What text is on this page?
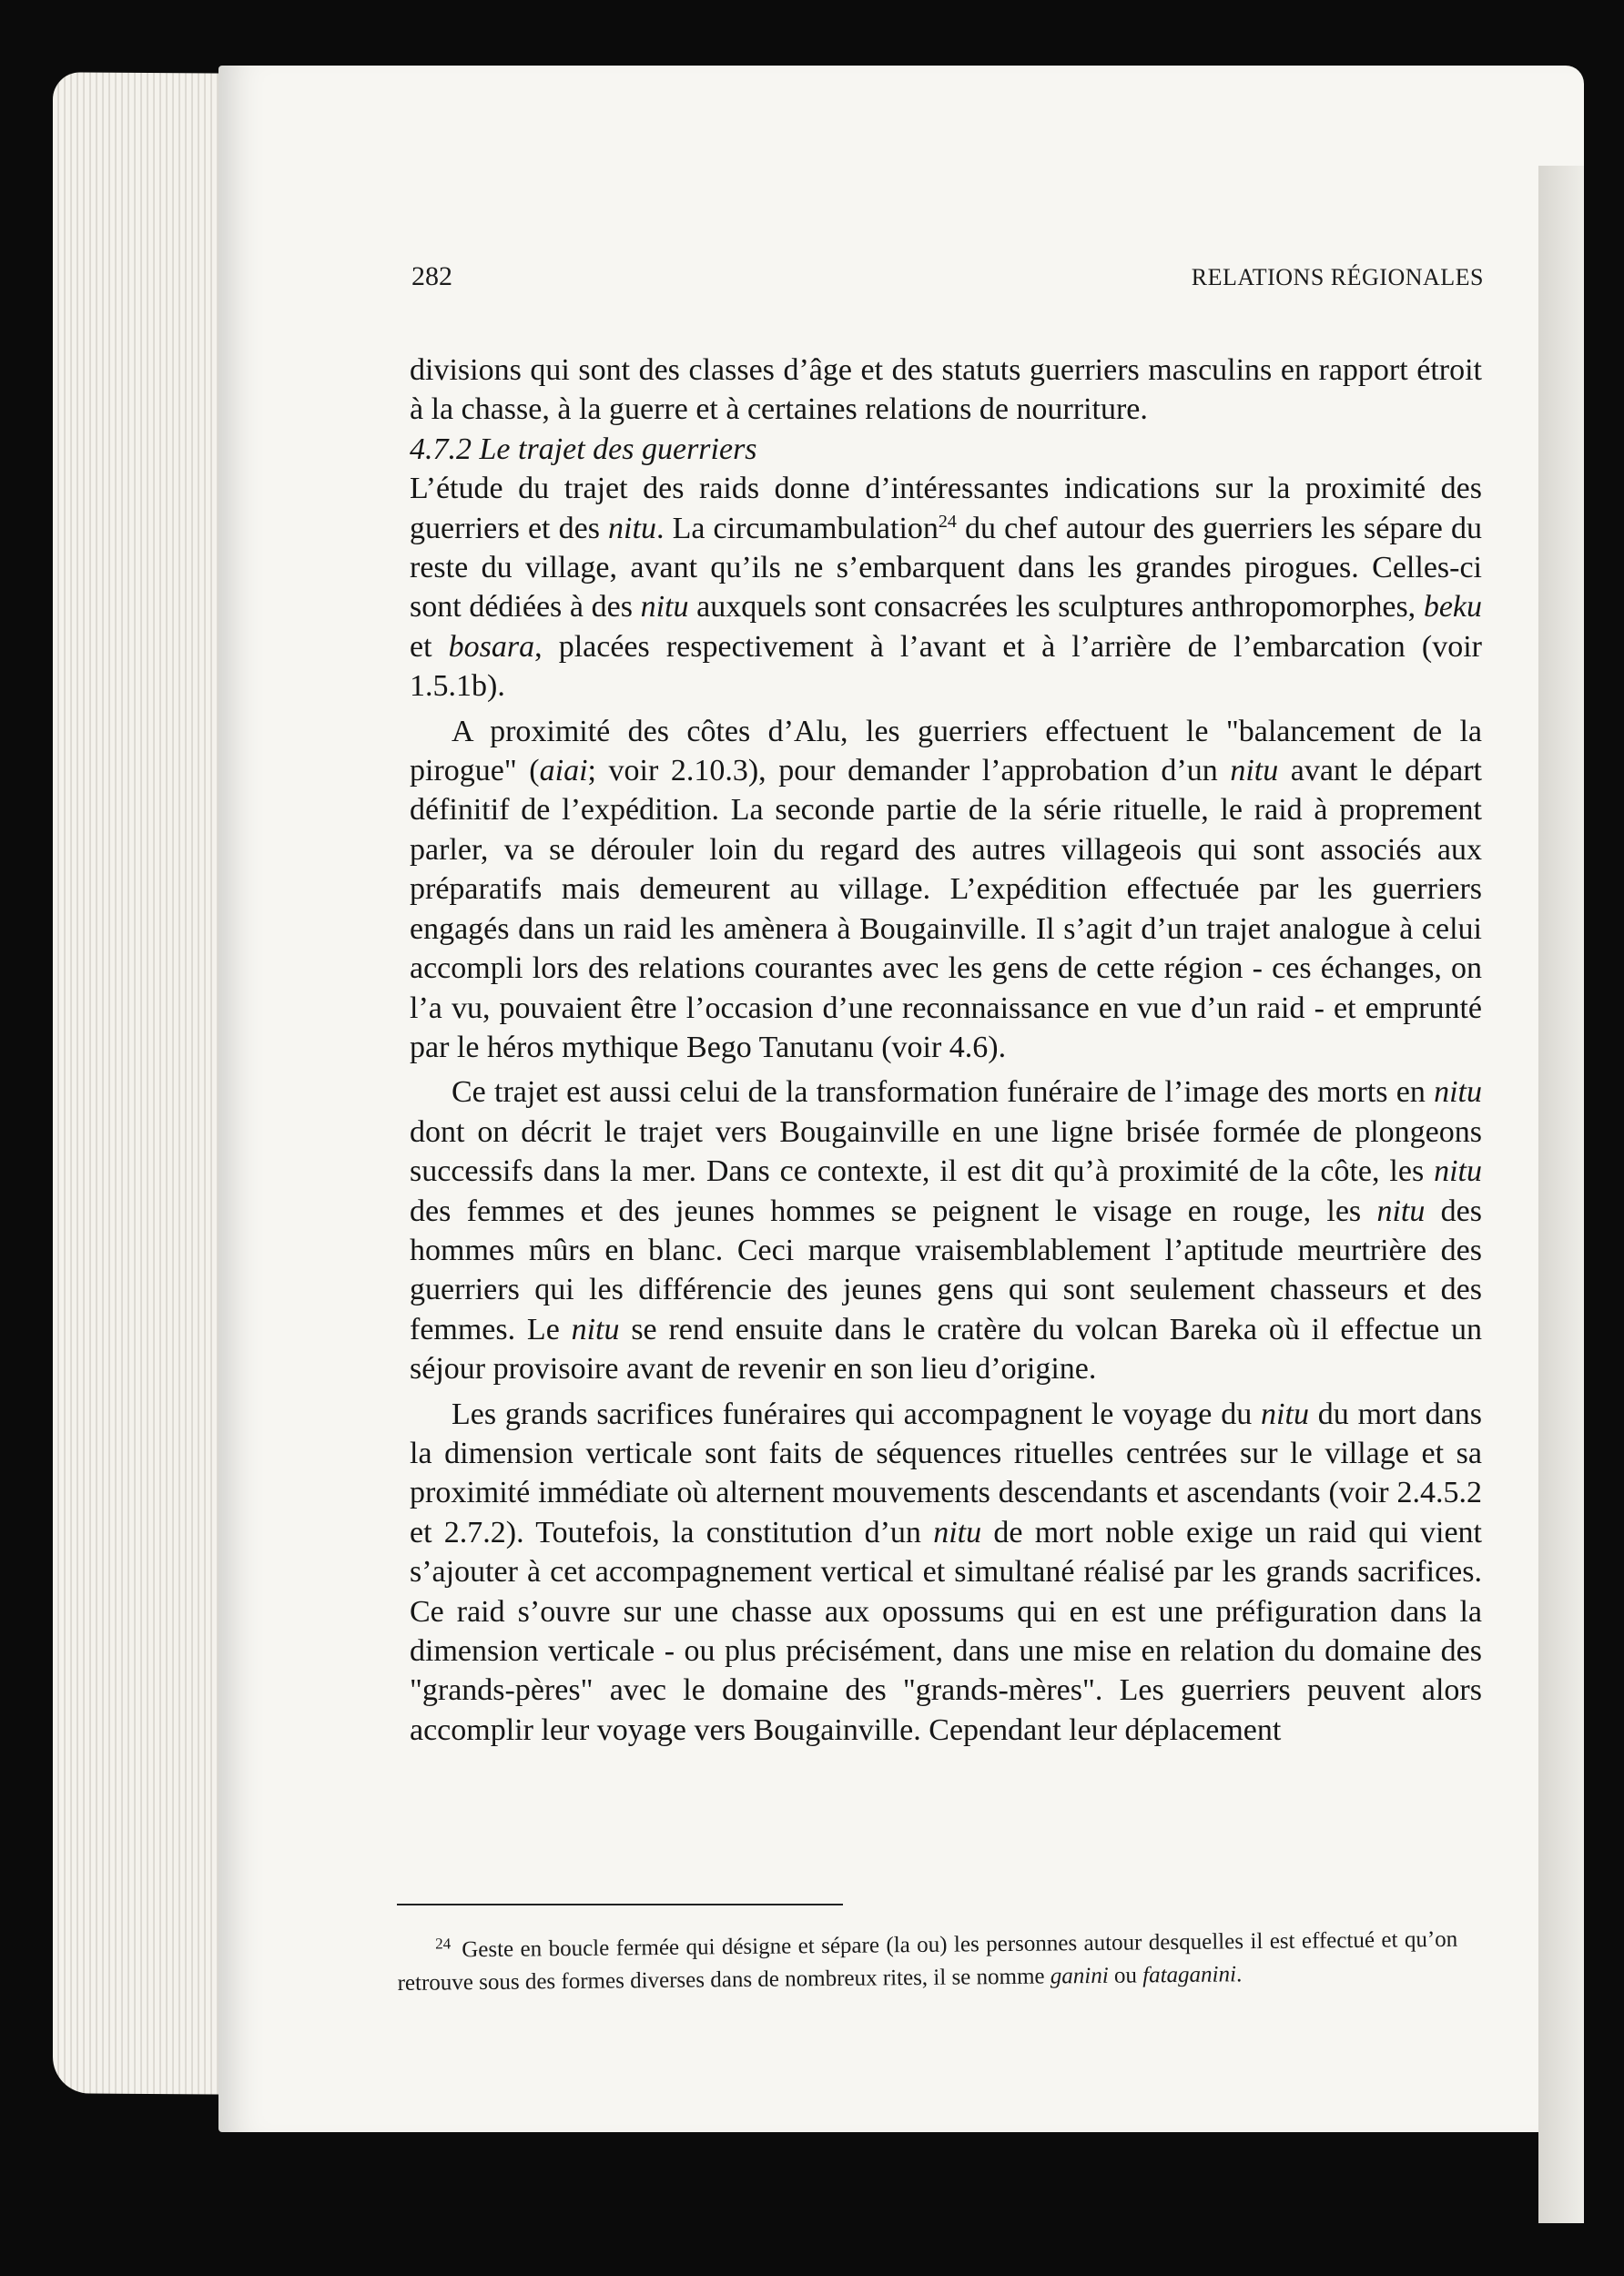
282	RELATIONS RÉGIONALES

divisions qui sont des classes d’âge et des statuts guerriers masculins en rapport étroit à la chasse, à la guerre et à certaines relations de nourriture.

4.7.2 Le trajet des guerriers

L’étude du trajet des raids donne d’intéressantes indications sur la proximité des guerriers et des nitu. La circumambulation$^{24}$ du chef autour des guerriers les sépare du reste du village, avant qu’ils ne s’embarquent dans les grandes pirogues. Celles-ci sont dédiées à des nitu auxquels sont consacrées les sculptures anthropomorphes, beku et bosara, placées respectivement à l’avant et à l’arrière de l’embarcation (voir 1.5.1b).

A proximité des côtes d’Alu, les guerriers effectuent le "balancement de la pirogue" (aiai; voir 2.10.3), pour demander l’approbation d’un nitu avant le départ définitif de l’expédition. La seconde partie de la série rituelle, le raid à proprement parler, va se dérouler loin du regard des autres villageois qui sont associés aux préparatifs mais demeurent au village. L’expédition effectuée par les guerriers engagés dans un raid les amènera à Bougainville. Il s’agit d’un trajet analogue à celui accompli lors des relations courantes avec les gens de cette région - ces échanges, on l’a vu, pouvaient être l’occasion d’une reconnaissance en vue d’un raid - et emprunté par le héros mythique Bego Tanutanu (voir 4.6).

Ce trajet est aussi celui de la transformation funéraire de l’image des morts en nitu dont on décrit le trajet vers Bougainville en une ligne brisée formée de plongeons successifs dans la mer. Dans ce contexte, il est dit qu’à proximité de la côte, les nitu des femmes et des jeunes hommes se peignent le visage en rouge, les nitu des hommes mûrs en blanc. Ceci marque vraisemblablement l’aptitude meurtrière des guerriers qui les différencie des jeunes gens qui sont seulement chasseurs et des femmes. Le nitu se rend ensuite dans le cratère du volcan Bareka où il effectue un séjour provisoire avant de revenir en son lieu d’origine.

Les grands sacrifices funéraires qui accompagnent le voyage du nitu du mort dans la dimension verticale sont faits de séquences rituelles centrées sur le village et sa proximité immédiate où alternent mouvements descendants et ascendants (voir 2.4.5.2 et 2.7.2). Toutefois, la constitution d’un nitu de mort noble exige un raid qui vient s’ajouter à cet accompagnement vertical et simultané réalisé par les grands sacrifices. Ce raid s’ouvre sur une chasse aux opossums qui en est une préfiguration dans la dimension verticale - ou plus précisément, dans une mise en relation du domaine des "grands-pères" avec le domaine des "grands-mères". Les guerriers peuvent alors accomplir leur voyage vers Bougainville. Cependant leur déplacement

$^{24}$ Geste en boucle fermée qui désigne et sépare (la ou) les personnes autour desquelles il est effectué et qu’on retrouve sous des formes diverses dans de nombreux rites, il se nomme ganini ou fataganini.
